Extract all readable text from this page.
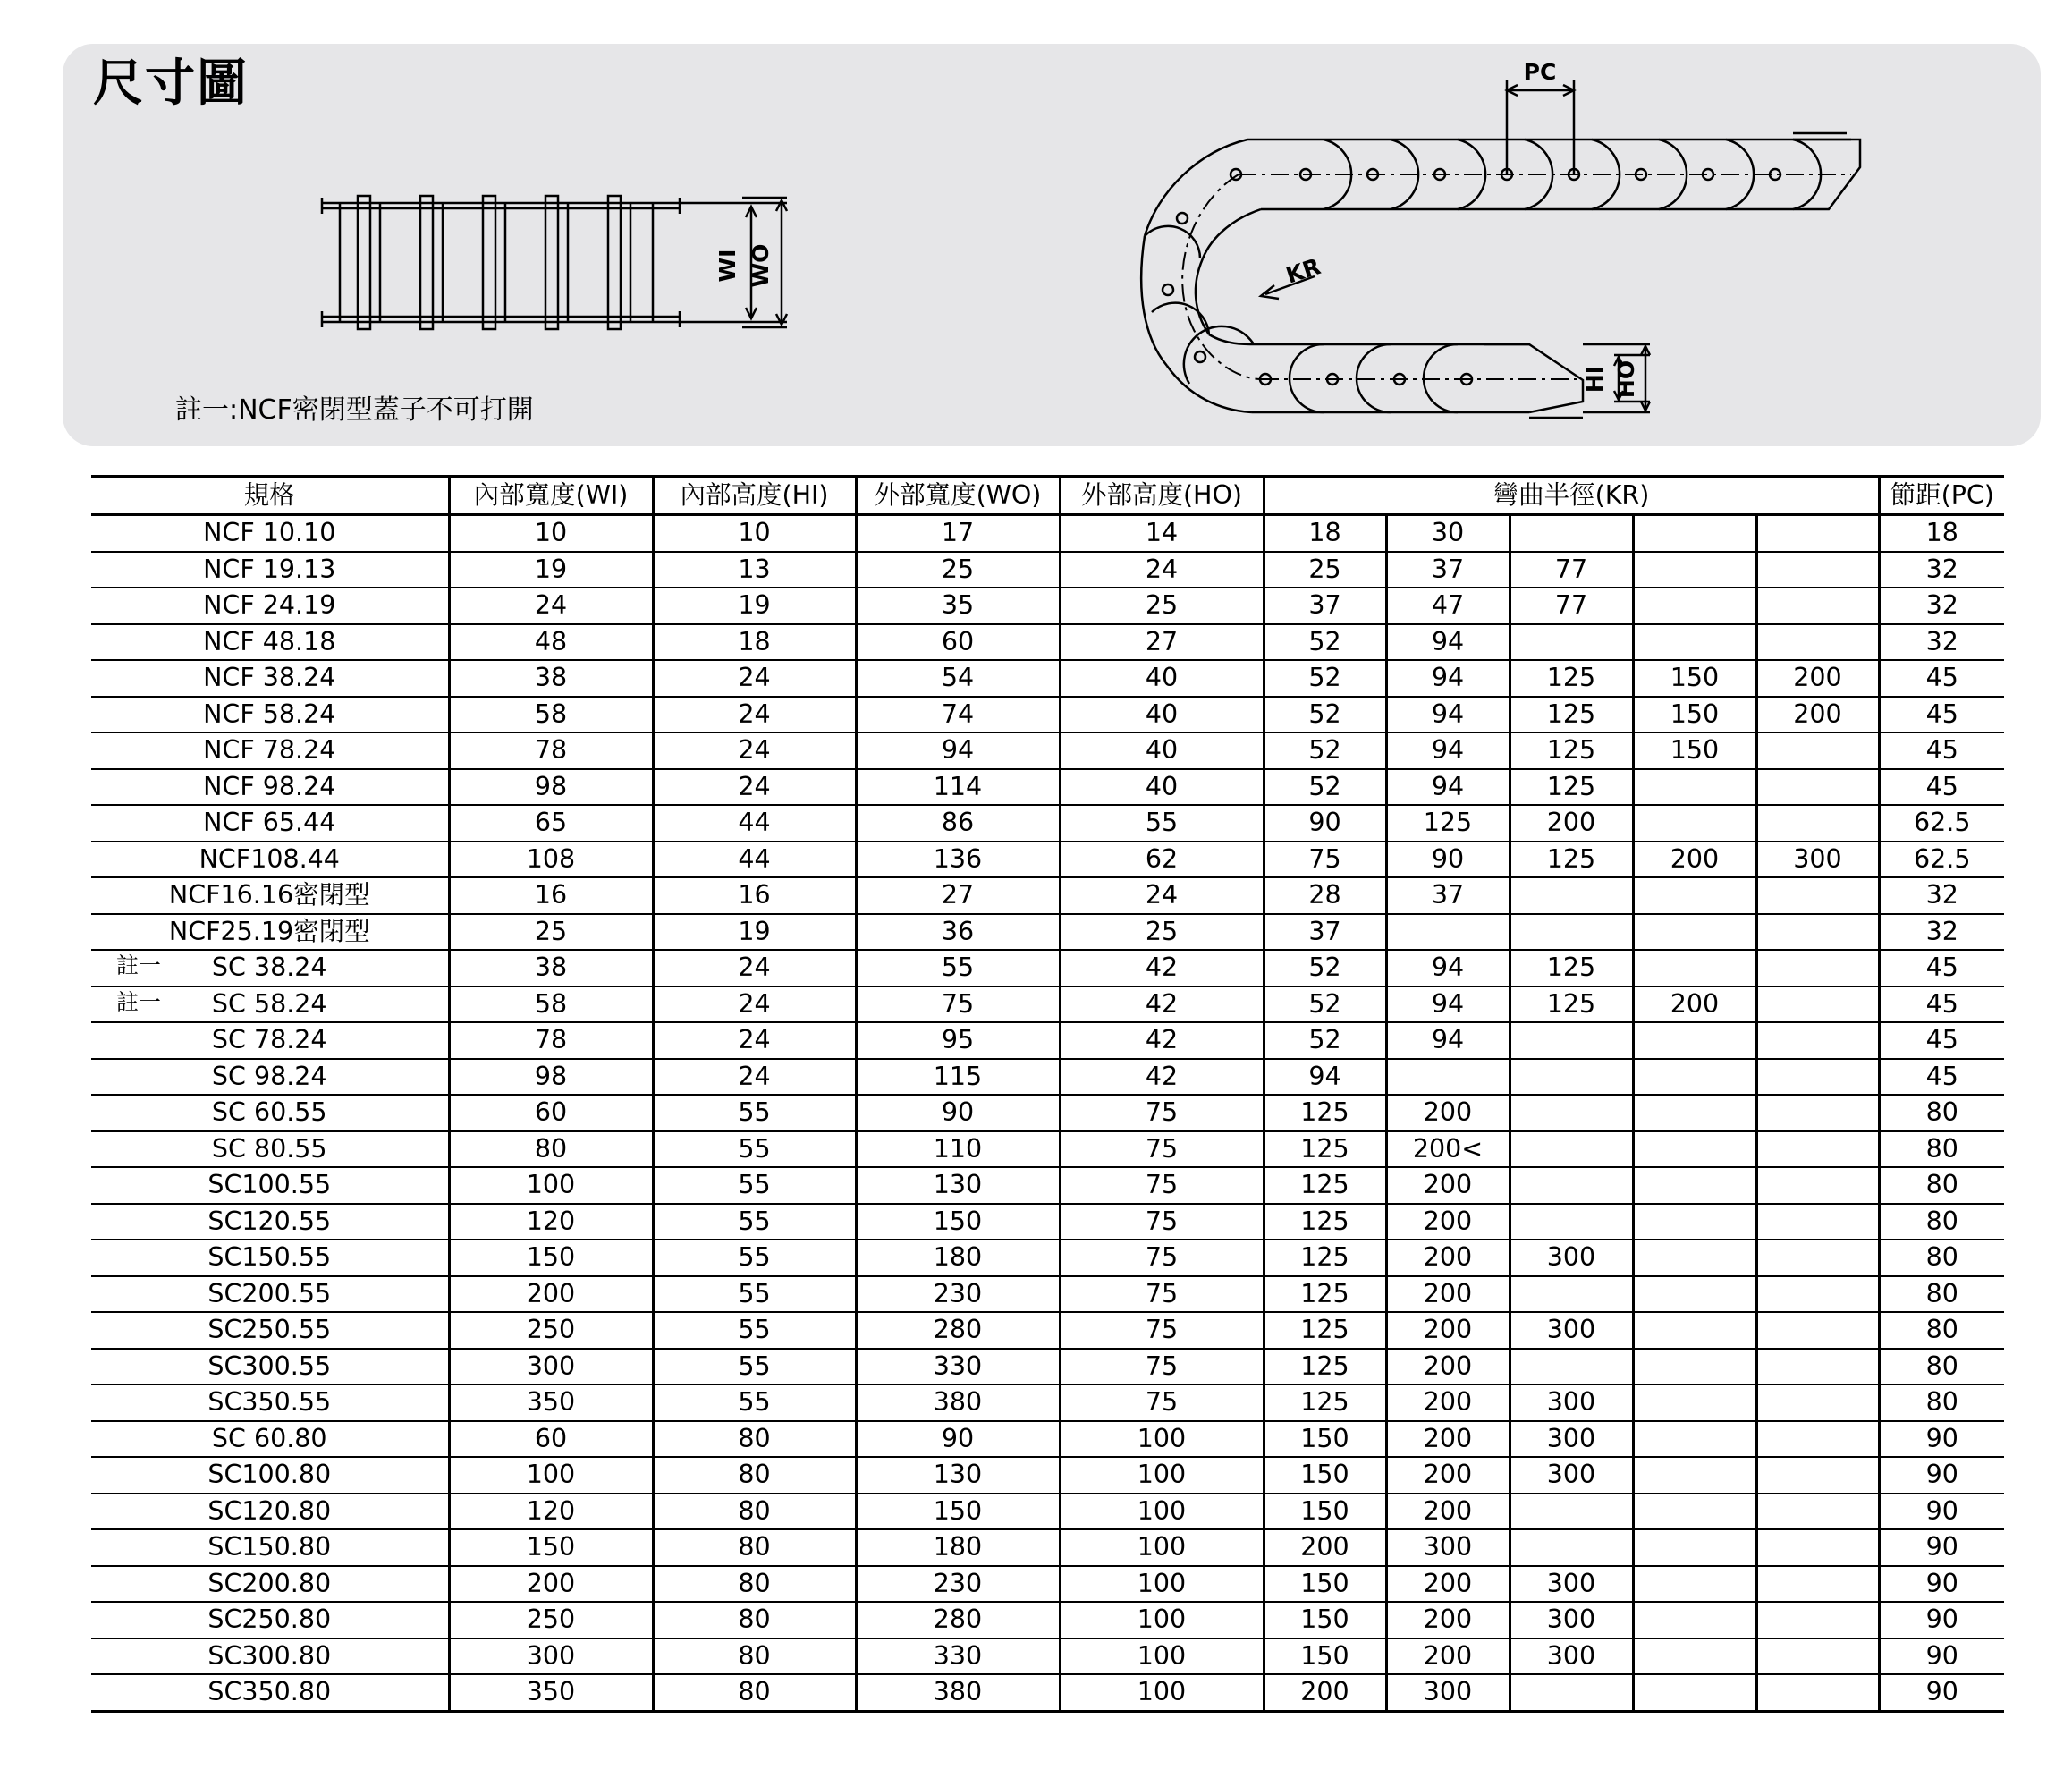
尺寸圖
WI WO
PC
KR
HI HO
註一:NCF密閉型蓋子不可打開
規格	內部寬度(WI)	內部高度(HI)	外部寬度(WO)	外部高度(HO)	彎曲半徑(KR)					節距(PC)

NCF 10.10	10	10	17	14	18	30				18

NCF 19.13	19	13	25	24	25	37	77			32

NCF 24.19	24	19	35	25	37	47	77			32

NCF 48.18	48	18	60	27	52	94				32

NCF 38.24	38	24	54	40	52	94	125	150	200	45

NCF 58.24	58	24	74	40	52	94	125	150	200	45

NCF 78.24	78	24	94	40	52	94	125	150		45

NCF 98.24	98	24	114	40	52	94	125			45

NCF 65.44	65	44	86	55	90	125	200			62.5

NCF108.44	108	44	136	62	75	90	125	200	300	62.5

NCF16.16密閉型	16	16	27	24	28	37				32

NCF25.19密閉型	25	19	36	25	37					32

註一 SC 38.24	38	24	55	42	52	94	125			45

註一 SC 58.24	58	24	75	42	52	94	125	200		45

SC 78.24	78	24	95	42	52	94				45

SC 98.24	98	24	115	42	94					45

SC 60.55	60	55	90	75	125	200				80

SC 80.55	80	55	110	75	125	200<				80

SC100.55	100	55	130	75	125	200				80

SC120.55	120	55	150	75	125	200				80

SC150.55	150	55	180	75	125	200	300			80

SC200.55	200	55	230	75	125	200				80

SC250.55	250	55	280	75	125	200	300			80

SC300.55	300	55	330	75	125	200				80

SC350.55	350	55	380	75	125	200	300			80

SC 60.80	60	80	90	100	150	200	300			90

SC100.80	100	80	130	100	150	200	300			90

SC120.80	120	80	150	100	150	200				90

SC150.80	150	80	180	100	200	300				90

SC200.80	200	80	230	100	150	200	300			90

SC250.80	250	80	280	100	150	200	300			90

SC300.80	300	80	330	100	150	200	300			90

SC350.80	350	80	380	100	200	300				90
